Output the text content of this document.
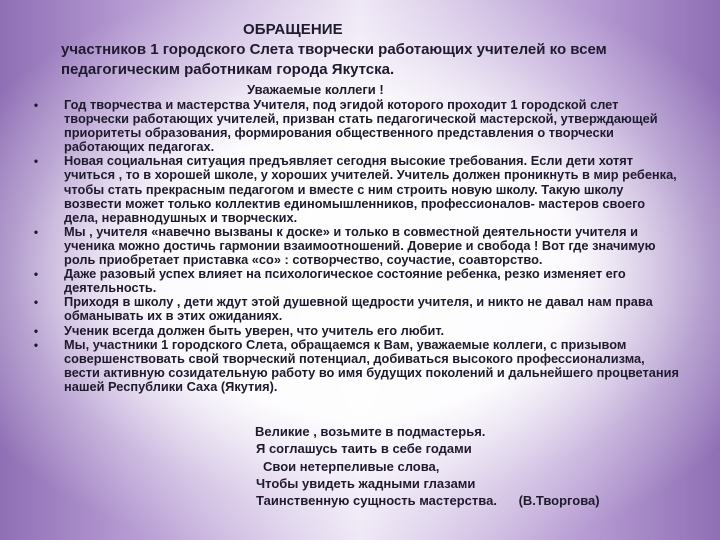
ОБРАЩЕНИЕ
участников 1 городского Слета творчески работающих учителей ко всем педагогическим работникам города Якутска.
Уважаемые коллеги !
•	Год творчества и мастерства Учителя, под эгидой которого проходит 1 городской слет творчески работающих учителей, призван стать педагогической мастерской, утверждающей приоритеты образования, формирования общественного представления о творчески работающих педагогах.
•	Новая социальная ситуация предъявляет сегодня высокие требования. Если дети хотят учиться , то в хорошей школе, у хороших учителей. Учитель должен проникнуть в мир ребенка, чтобы стать прекрасным педагогом и вместе с ним строить новую школу. Такую школу возвести может только коллектив единомышленников, профессионалов- мастеров своего дела, неравнодушных и творческих.
•	Мы , учителя «навечно вызваны к доске» и только в совместной деятельности учителя и ученика можно достичь гармонии взаимоотношений. Доверие и свобода ! Вот где значимую роль приобретает приставка «со» : сотворчество, соучастие, соавторство.
•	Даже разовый успех влияет на психологическое состояние ребенка, резко изменяет его деятельность.
•	Приходя в школу , дети ждут этой душевной щедрости учителя, и никто не давал нам права обманывать их в этих ожиданиях.
•	Ученик всегда должен быть уверен, что учитель его любит.
•	Мы, участники 1 городского Слета, обращаемся к Вам, уважаемые коллеги, с призывом совершенствовать свой творческий потенциал, добиваться высокого профессионализма, вести активную созидательную работу во имя будущих поколений и дальнейшего процветания нашей Республики Саха (Якутия).
Великие , возьмите в подмастерья.
Я соглашусь таить в себе годами
Свои нетерпеливые слова,
Чтобы увидеть жадными глазами
Таинственную сущность мастерства. (В.Творгова)
